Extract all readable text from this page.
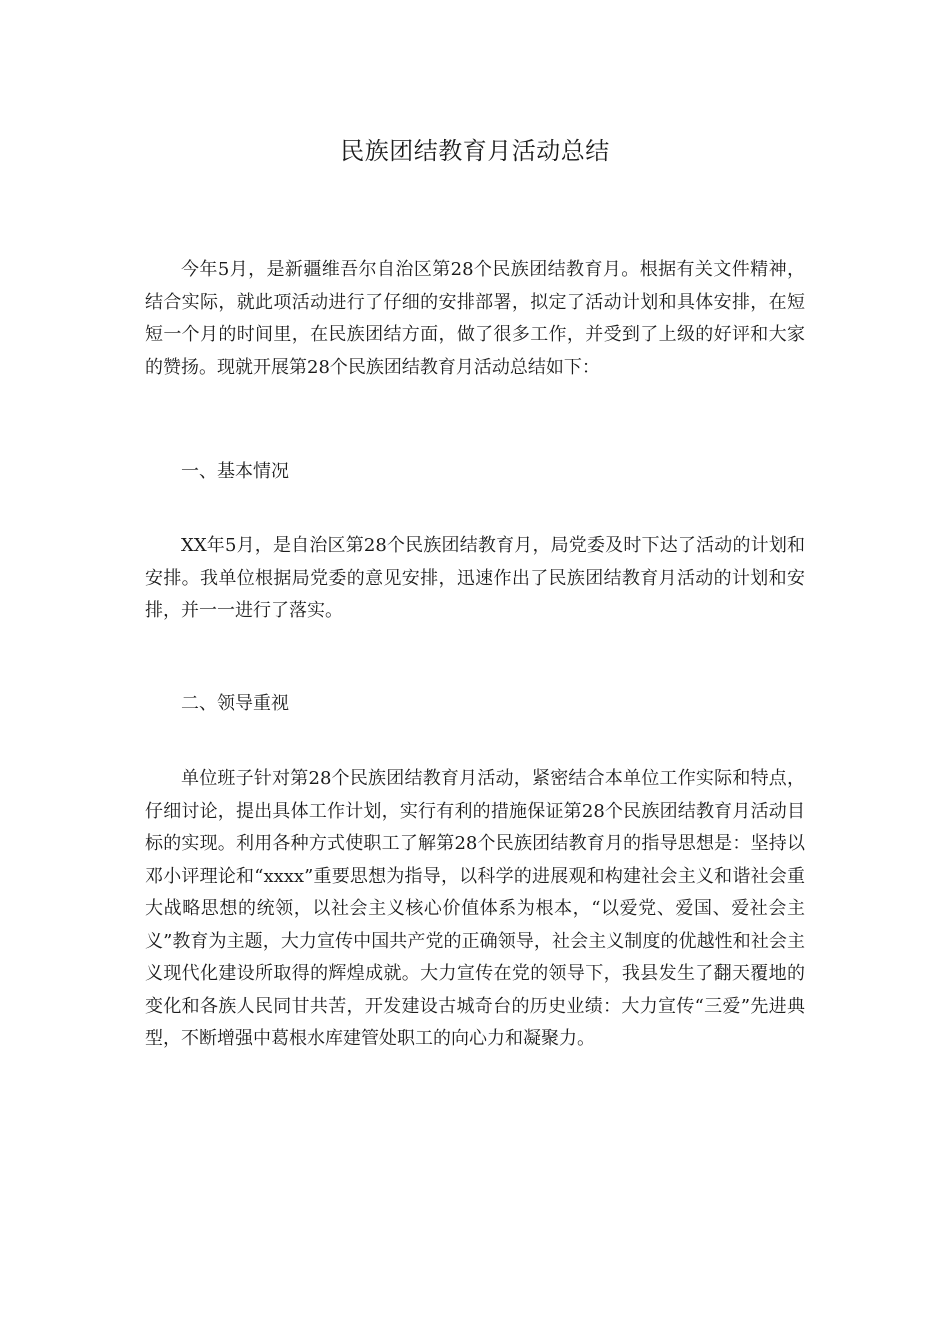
民族团结教育月活动总结
今年5月，是新疆维吾尔自治区第28个民族团结教育月。根据有关文件精神，结合实际，就此项活动进行了仔细的安排部署，拟定了活动计划和具体安排，在短短一个月的时间里，在民族团结方面，做了很多工作，并受到了上级的好评和大家的赞扬。现就开展第28个民族团结教育月活动总结如下：
一、基本情况
XX年5月，是自治区第28个民族团结教育月，局党委及时下达了活动的计划和安排。我单位根据局党委的意见安排，迅速作出了民族团结教育月活动的计划和安排，并一一进行了落实。
二、领导重视
单位班子针对第28个民族团结教育月活动，紧密结合本单位工作实际和特点，仔细讨论，提出具体工作计划，实行有利的措施保证第28个民族团结教育月活动目标的实现。利用各种方式使职工了解第28个民族团结教育月的指导思想是：坚持以邓小评理论和“xxxx”重要思想为指导，以科学的进展观和构建社会主义和谐社会重大战略思想的统领，以社会主义核心价值体系为根本，“以爱党、爱国、爱社会主义”教育为主题，大力宣传中国共产党的正确领导，社会主义制度的优越性和社会主义现代化建设所取得的辉煌成就。大力宣传在党的领导下，我县发生了翻天覆地的变化和各族人民同甘共苦，开发建设古城奇台的历史业绩：大力宣传“三爱”先进典型，不断增强中葛根水库建管处职工的向心力和凝聚力。
